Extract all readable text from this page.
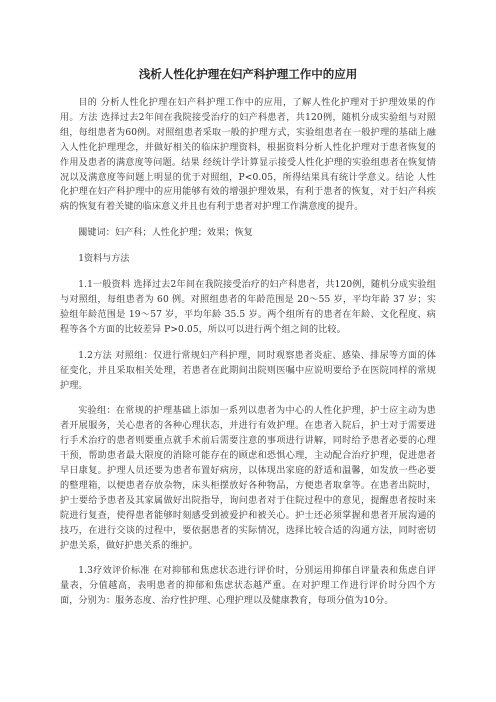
浅析人性化护理在妇产科护理工作中的应用

目的 分析人性化护理在妇产科护理工作中的应用，了解人性化护理对于护理效果的作用。方法 选择过去2年间在我院接受治疗的妇产科患者，共120例，随机分成实验组与对照组，每组患者为60例。对照组患者采取一般的护理方式，实验组患者在一般护理的基础上融入人性化护理理念，并做好相关的临床护理资料，根据资料分析人性化护理对于患者恢复的作用及患者的满意度等问题。结果 经统计学计算显示接受人性化护理的实验组患者在恢复情况以及满意度等问题上明显的优于对照组，P<0.05，所得结果具有统计学意义。结论 人性化护理在妇产科护理中的应用能够有效的增强护理效果，有利于患者的恢复，对于妇产科疾病的恢复有着关键的临床意义并且也有利于患者对护理工作满意度的提升。

關键词：妇产科；人性化护理；效果；恢复

1资料与方法

1.1一般资料 选择过去2年间在我院接受治疗的妇产科患者，共120例，随机分成实验组与对照组，每组患者为 60 例。对照组患者的年龄范围是 20～55 岁，平均年龄 37 岁；实验组年龄范围是 19～57 岁，平均年龄 35.5 岁。两个组所有的患者在年龄、文化程度、病程等各个方面的比较差异 P>0.05，所以可以进行两个组之间的比较。

1.2方法 对照组：仅进行常规妇产科护理，同时观察患者炎症、感染、排尿等方面的体征变化，并且采取相关处理，若患者在此期间出院则医嘱中应说明要给予在医院同样的常规护理。

实验组：在常规的护理基础上添加一系列以患者为中心的人性化护理，护士应主动为患者开展服务，关心患者的各种心理状态，并进行有效护理。在患者入院后，护士对于需要进行手术治疗的患者则要重点就手术前后需要注意的事项进行讲解，同时给予患者必要的心理干预，帮助患者最大限度的消除可能存在的顾虑和恐惧心理，主动配合治疗护理，促进患者早日康复。护理人员还要为患者布置好病房，以体现出家庭的舒适和温馨，如发放一些必要的整理箱，以便患者存放杂物，床头柜摆放好各种物品，方便患者取拿等。在患者出院时，护士要给予患者及其家属做好出院指导，询问患者对于住院过程中的意见，提醒患者按时来院进行复查，使得患者能够时刻感受到被爱护和被关心。护士还必须掌握和患者开展沟通的技巧，在进行交谈的过程中，要依据患者的实际情况，选择比较合适的沟通方法，同时密切护患关系，做好护患关系的维护。

1.3疗效评价标准 在对抑郁和焦虑状态进行评价时，分别运用抑郁自评量表和焦虑自评量表，分值越高，表明患者的抑郁和焦虑状态越严重。在对护理工作进行评价时分四个方面，分别为：服务态度、治疗性护理、心理护理以及健康教育，每项分值为10分。
